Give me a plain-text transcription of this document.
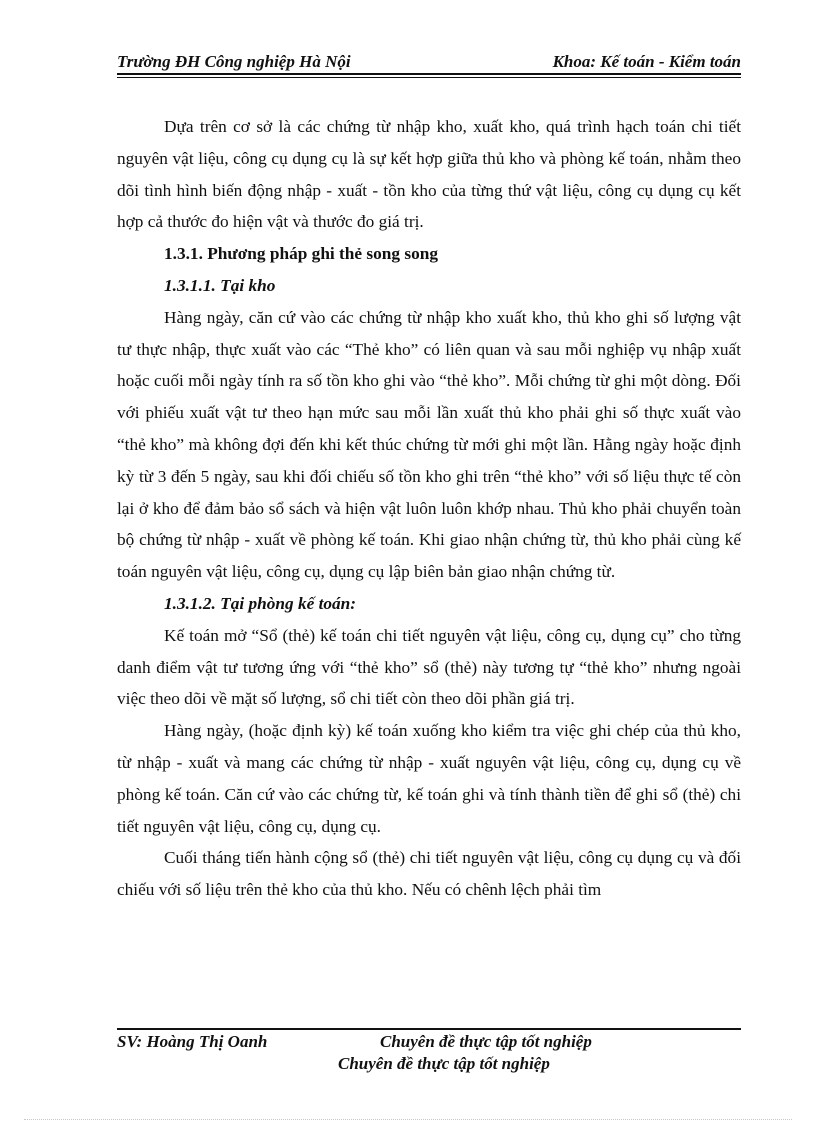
Trường ĐH Công nghiệp Hà Nội	Khoa: Kế toán - Kiểm toán

Dựa trên cơ sở là các chứng từ nhập kho, xuất kho, quá trình hạch toán chi tiết nguyên vật liệu, công cụ dụng cụ là sự kết hợp giữa thủ kho và phòng kế toán, nhằm theo dõi tình hình biến động nhập - xuất - tồn kho của từng thứ vật liệu, công cụ dụng cụ kết hợp cả thước đo hiện vật và thước đo giá trị.

1.3.1. Phương pháp ghi thẻ song song
1.3.1.1. Tại kho

Hàng ngày, căn cứ vào các chứng từ nhập kho xuất kho, thủ kho ghi số lượng vật tư thực nhập, thực xuất vào các “Thẻ kho” có liên quan và sau mỗi nghiệp vụ nhập xuất hoặc cuối mỗi ngày tính ra số tồn kho ghi vào “thẻ kho”. Mỗi chứng từ ghi một dòng. Đối với phiếu xuất vật tư theo hạn mức sau mỗi lần xuất thủ kho phải ghi số thực xuất vào “thẻ kho” mà không đợi đến khi kết thúc chứng từ mới ghi một lần. Hằng ngày hoặc định kỳ từ 3 đến 5 ngày, sau khi đối chiếu số tồn kho ghi trên “thẻ kho” với số liệu thực tế còn lại ở kho để đảm bảo sổ sách và hiện vật luôn luôn khớp nhau. Thủ kho phải chuyển toàn bộ chứng từ nhập - xuất về phòng kế toán. Khi giao nhận chứng từ, thủ kho phải cùng kế toán nguyên vật liệu, công cụ, dụng cụ lập biên bản giao nhận chứng từ.

1.3.1.2. Tại phòng kế toán:

Kế toán mở “Sổ (thẻ) kế toán chi tiết nguyên vật liệu, công cụ, dụng cụ” cho từng danh điểm vật tư tương ứng với “thẻ kho” sổ (thẻ) này tương tự “thẻ kho” nhưng ngoài việc theo dõi về mặt số lượng, sổ chi tiết còn theo dõi phần giá trị.

Hàng ngày, (hoặc định kỳ) kế toán xuống kho kiểm tra việc ghi chép của thủ kho, từ nhập - xuất và mang các chứng từ nhập - xuất nguyên vật liệu, công cụ, dụng cụ về phòng kế toán. Căn cứ vào các chứng từ, kế toán ghi và tính thành tiền để ghi sổ (thẻ) chi tiết nguyên vật liệu, công cụ, dụng cụ.

Cuối tháng tiến hành cộng sổ (thẻ) chi tiết nguyên vật liệu, công cụ dụng cụ và đối chiếu với số liệu trên thẻ kho của thủ kho. Nếu có chênh lệch phải tìm

SV: Hoàng Thị Oanh	Chuyên đề thực tập tốt nghiệp
Chuyên đề thực tập tốt nghiệp
